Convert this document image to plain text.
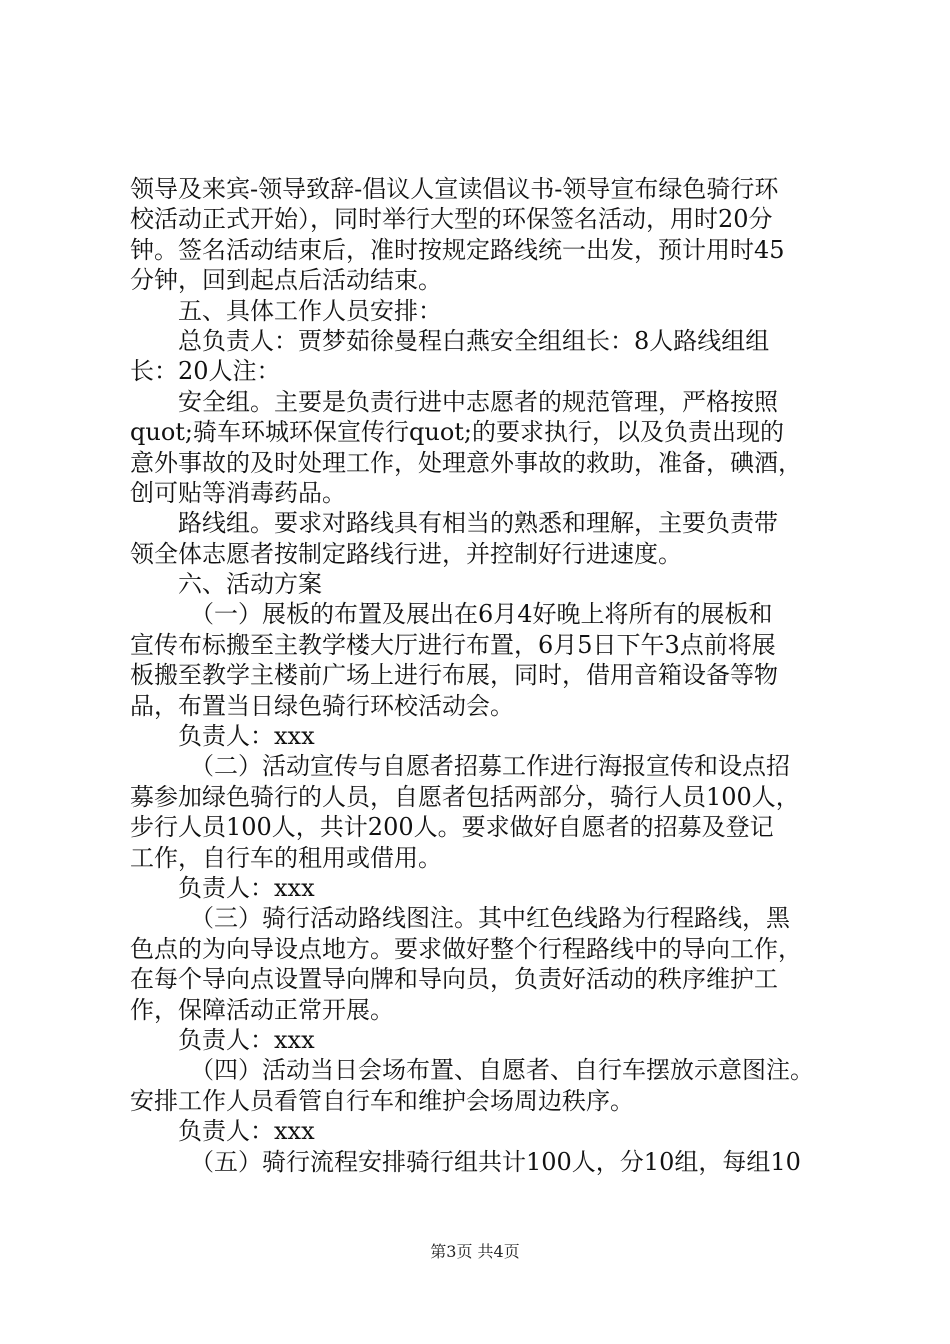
领导及来宾-领导致辞-倡议人宣读倡议书-领导宣布绿色骑行环
校活动正式开始），同时举行大型的环保签名活动，用时20分
钟。签名活动结束后，准时按规定路线统一出发，预计用时45
分钟，回到起点后活动结束。
五、具体工作人员安排：
总负责人：贾梦茹徐曼程白燕安全组组长：8人路线组组
长：20人注：
安全组。主要是负责行进中志愿者的规范管理，严格按照
quot;骑车环城环保宣传行quot;的要求执行，以及负责出现的
意外事故的及时处理工作，处理意外事故的救助，准备，碘酒，
创可贴等消毒药品。
路线组。要求对路线具有相当的熟悉和理解，主要负责带
领全体志愿者按制定路线行进，并控制好行进速度。
六、活动方案
（一）展板的布置及展出在6月4好晚上将所有的展板和
宣传布标搬至主教学楼大厅进行布置，6月5日下午3点前将展
板搬至教学主楼前广场上进行布展，同时，借用音箱设备等物
品，布置当日绿色骑行环校活动会。
负责人：xxx
（二）活动宣传与自愿者招募工作进行海报宣传和设点招
募参加绿色骑行的人员，自愿者包括两部分，骑行人员100人，
步行人员100人，共计200人。要求做好自愿者的招募及登记
工作，自行车的租用或借用。
负责人：xxx
（三）骑行活动路线图注。其中红色线路为行程路线，黑
色点的为向导设点地方。要求做好整个行程路线中的导向工作，
在每个导向点设置导向牌和导向员，负责好活动的秩序维护工
作，保障活动正常开展。
负责人：xxx
（四）活动当日会场布置、自愿者、自行车摆放示意图注。
安排工作人员看管自行车和维护会场周边秩序。
负责人：xxx
（五）骑行流程安排骑行组共计100人，分10组，每组10
第3页 共4页
